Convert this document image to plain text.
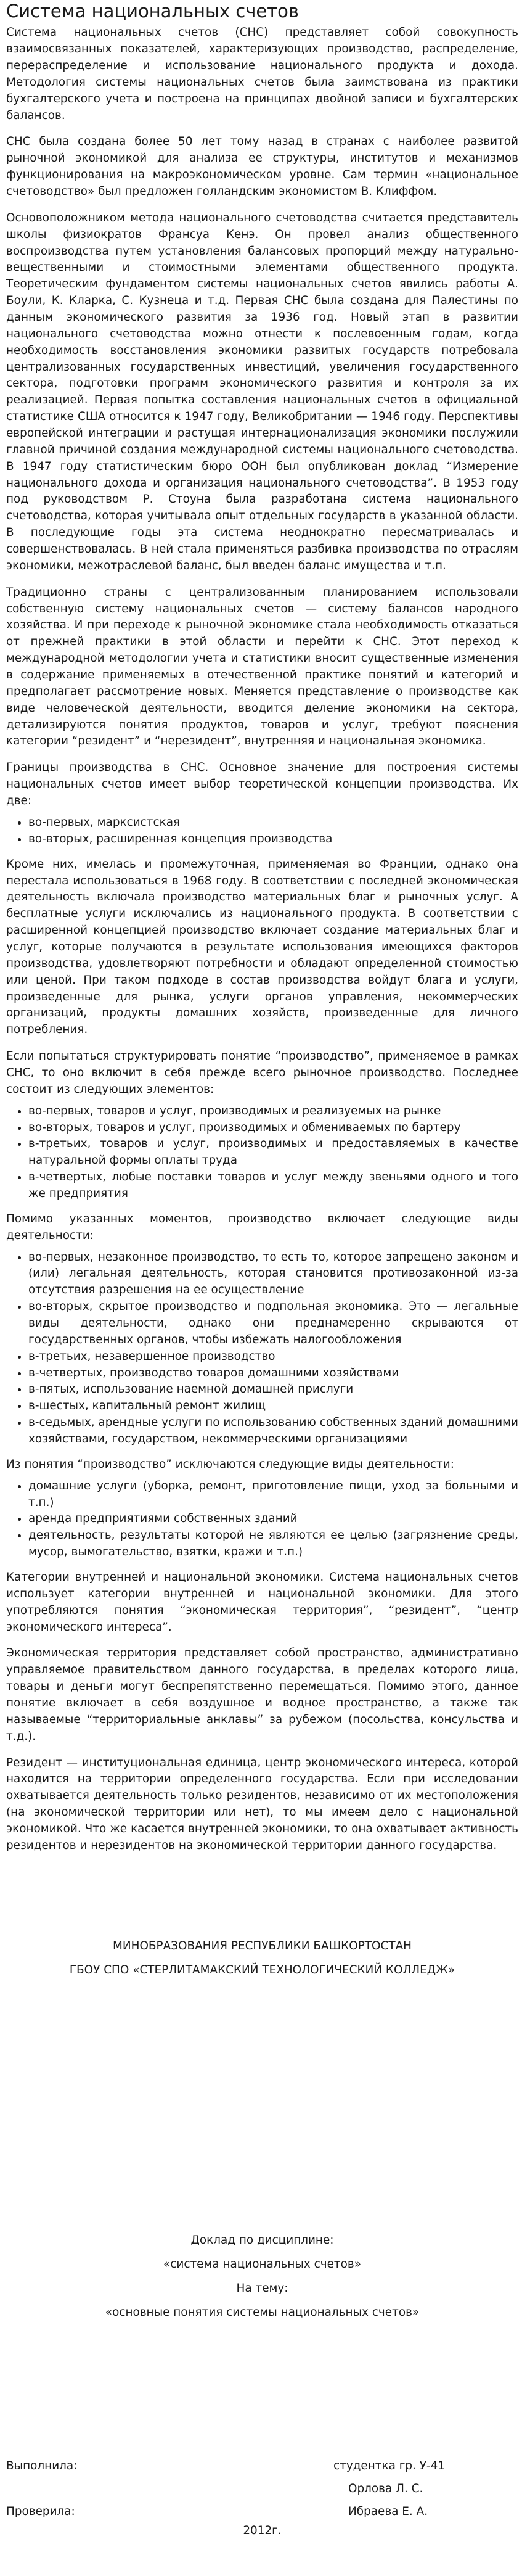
Система национальных счетов

Система национальных счетов (СНС) представляет собой совокупность взаимосвязанных показателей, характеризующих производство, распределение, перераспределение и использование национального продукта и дохода. Методология системы национальных счетов была заимствована из практики бухгалтерского учета и построена на принципах двойной записи и бухгалтерских балансов.

СНС была создана более 50 лет тому назад в странах с наиболее развитой рыночной экономикой для анализа ее структуры, институтов и механизмов функционирования на макроэкономическом уровне. Сам термин «национальное счетоводство» был предложен голландским экономистом В. Клиффом.

Основоположником метода национального счетоводства считается представитель школы физиократов Франсуа Кенэ. Он провел анализ общественного воспроизводства путем установления балансовых пропорций между натурально-вещественными и стоимостными элементами общественного продукта. Теоретическим фундаментом системы национальных счетов явились работы А. Боули, К. Кларка, С. Кузнеца и т.д. Первая СНС была создана для Палестины по данным экономического развития за 1936 год. Новый этап в развитии национального счетоводства можно отнести к послевоенным годам, когда необходимость восстановления экономики развитых государств потребовала централизованных государственных инвестиций, увеличения государственного сектора, подготовки программ экономического развития и контроля за их реализацией. Первая попытка составления национальных счетов в официальной статистике США относится к 1947 году, Великобритании — 1946 году. Перспективы европейской интеграции и растущая интернационализация экономики послужили главной причиной создания международной системы национального счетоводства. В 1947 году статистическим бюро ООН был опубликован доклад “Измерение национального дохода и организация национального счетоводства”. В 1953 году под руководством Р. Стоуна была разработана система национального счетоводства, которая учитывала опыт отдельных государств в указанной области. В последующие годы эта система неоднократно пересматривалась и совершенствовалась. В ней стала применяться разбивка производства по отраслям экономики, межотраслевой баланс, был введен баланс имущества и т.п.

Традиционно страны с централизованным планированием использовали собственную систему национальных счетов — систему балансов народного хозяйства. И при переходе к рыночной экономике стала необходимость отказаться от прежней практики в этой области и перейти к СНС. Этот переход к международной методологии учета и статистики вносит существенные изменения в содержание применяемых в отечественной практике понятий и категорий и предполагает рассмотрение новых. Меняется представление о производстве как виде человеческой деятельности, вводится деление экономики на сектора, детализируются понятия продуктов, товаров и услуг, требуют пояснения категории “резидент” и “нерезидент”, внутренняя и национальная экономика.

Границы производства в СНС. Основное значение для построения системы национальных счетов имеет выбор теоретической концепции производства. Их две:

• во-первых, марксистская
• во-вторых, расширенная концепция производства

Кроме них, имелась и промежуточная, применяемая во Франции, однако она перестала использоваться в 1968 году. В соответствии с последней экономическая деятельность включала производство материальных благ и рыночных услуг. А бесплатные услуги исключались из национального продукта. В соответствии с расширенной концепцией производство включает создание материальных благ и услуг, которые получаются в результате использования имеющихся факторов производства, удовлетворяют потребности и обладают определенной стоимостью или ценой. При таком подходе в состав производства войдут блага и услуги, произведенные для рынка, услуги органов управления, некоммерческих организаций, продукты домашних хозяйств, произведенные для личного потребления.

Если попытаться структурировать понятие “производство”, применяемое в рамках СНС, то оно включит в себя прежде всего рыночное производство. Последнее состоит из следующих элементов:

• во-первых, товаров и услуг, производимых и реализуемых на рынке
• во-вторых, товаров и услуг, производимых и обмениваемых по бартеру
• в-третьих, товаров и услуг, производимых и предоставляемых в качестве натуральной формы оплаты труда
• в-четвертых, любые поставки товаров и услуг между звеньями одного и того же предприятия

Помимо указанных моментов, производство включает следующие виды деятельности:

• во-первых, незаконное производство, то есть то, которое запрещено законом и (или) легальная деятельность, которая становится противозаконной из-за отсутствия разрешения на ее осуществление
• во-вторых, скрытое производство и подпольная экономика. Это — легальные виды деятельности, однако они преднамеренно скрываются от государственных органов, чтобы избежать налогообложения
• в-третьих, незавершенное производство
• в-четвертых, производство товаров домашними хозяйствами
• в-пятых, использование наемной домашней прислуги
• в-шестых, капитальный ремонт жилищ
• в-седьмых, арендные услуги по использованию собственных зданий домашними хозяйствами, государством, некоммерческими организациями

Из понятия “производство” исключаются следующие виды деятельности:

• домашние услуги (уборка, ремонт, приготовление пищи, уход за больными и т.п.)
• аренда предприятиями собственных зданий
• деятельность, результаты которой не являются ее целью (загрязнение среды, мусор, вымогательство, взятки, кражи и т.п.)

Категории внутренней и национальной экономики. Система национальных счетов использует категории внутренней и национальной экономики. Для этого употребляются понятия “экономическая территория”, “резидент”, “центр экономического интереса”.

Экономическая территория представляет собой пространство, административно управляемое правительством данного государства, в пределах которого лица, товары и деньги могут беспрепятственно перемещаться. Помимо этого, данное понятие включает в себя воздушное и водное пространство, а также так называемые “территориальные анклавы” за рубежом (посольства, консульства и т.д.).

Резидент — институциональная единица, центр экономического интереса, которой находится на территории определенного государства. Если при исследовании охватывается деятельность только резидентов, независимо от их местоположения (на экономической территории или нет), то мы имеем дело с национальной экономикой. Что же касается внутренней экономики, то она охватывает активность резидентов и нерезидентов на экономической территории данного государства.

МИНОБРАЗОВАНИЯ РЕСПУБЛИКИ БАШКОРТОСТАН

ГБОУ СПО «СТЕРЛИТАМАКСКИЙ ТЕХНОЛОГИЧЕСКИЙ КОЛЛЕДЖ»

Доклад по дисциплине:

«система национальных счетов»

На тему:

«основные понятия системы национальных счетов»

Выполнила:	студентка гр. У-41
Орлова Л. С.
Проверила:	Ибраева Е. А.

2012г.
